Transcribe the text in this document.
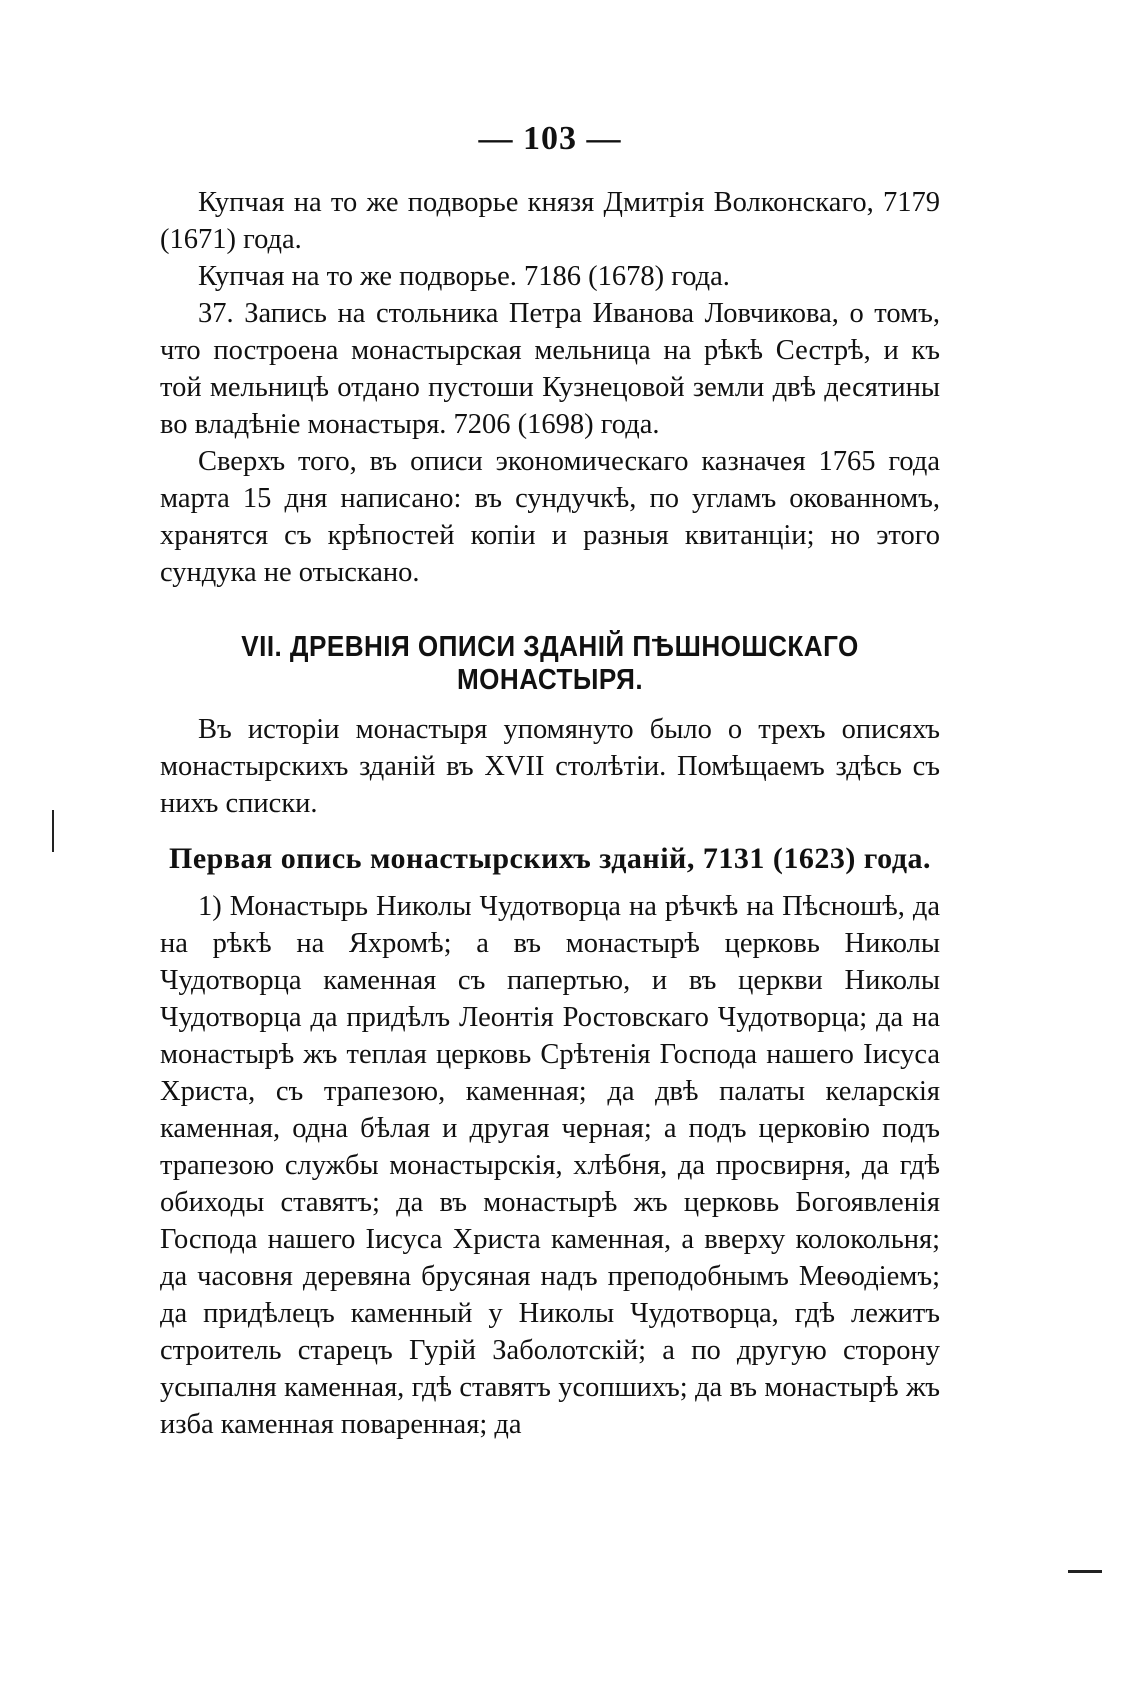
— 103 —

Купчая на то же подворье князя Дмитрія Волконскаго, 7179 (1671) года.

Купчая на то же подворье. 7186 (1678) года.

37. Запись на стольника Петра Иванова Ловчикова, о томъ, что построена монастырская мельница на рѣкѣ Сестрѣ, и къ той мельницѣ отдано пустоши Кузнецовой земли двѣ десятины во владѣніе монастыря. 7206 (1698) года.

Сверхъ того, въ описи экономическаго казначея 1765 года марта 15 дня написано: въ сундучкѣ, по угламъ окованномъ, хранятся съ крѣпостей копіи и разныя квитанціи; но этого сундука не отыскано.

VII. ДРЕВНІЯ ОПИСИ ЗДАНІЙ ПѢШНОШСКАГО МОНАСТЫРЯ.

Въ исторіи монастыря упомянуто было о трехъ описяхъ монастырскихъ зданій въ XVII столѣтіи. Помѣщаемъ здѣсь съ нихъ списки.

Первая опись монастырскихъ зданій, 7131 (1623) года.

1) Монастырь Николы Чудотворца на рѣчкѣ на Пѣсношѣ, да на рѣкѣ на Яхромѣ; а въ монастырѣ церковь Николы Чудотворца каменная съ папертью, и въ церкви Николы Чудотворца да придѣлъ Леонтія Ростовскаго Чудотворца; да на монастырѣ жъ теплая церковь Срѣтенія Господа нашего Іисуса Христа, съ трапезою, каменная; да двѣ палаты келарскія каменная, одна бѣлая и другая черная; а подъ церковію подъ трапезою службы монастырскія, хлѣбня, да просвирня, да гдѣ обиходы ставятъ; да въ монастырѣ жъ церковь Богоявленія Господа нашего Іисуса Христа каменная, а вверху колокольня; да часовня деревяна брусяная надъ преподобнымъ Меѳодіемъ; да придѣлецъ каменный у Николы Чудотворца, гдѣ лежитъ строитель старецъ Гурій Заболотскій; а по другую сторону усыпалня каменная, гдѣ ставятъ усопшихъ; да въ монастырѣ жъ изба каменная поваренная; да
